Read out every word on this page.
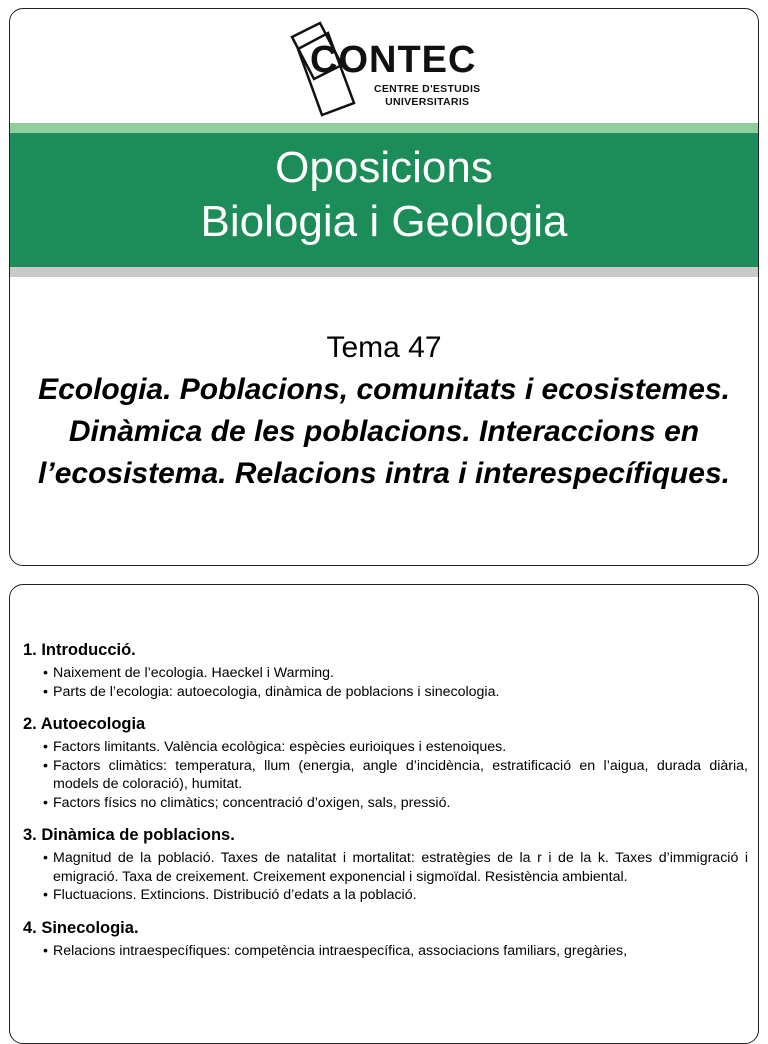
CONTEC
CENTRE D'ESTUDIS
UNIVERSITARIS
Oposicions
Biologia i Geologia
Tema 47
Ecologia. Poblacions, comunitats i ecosistemes. Dinàmica de les poblacions. Interaccions en l’ecosistema. Relacions intra i interespecífiques.
1. Introducció.
• Naixement de l’ecologia. Haeckel i Warming.
• Parts de l’ecologia: autoecologia, dinàmica de poblacions i sinecologia.
2. Autoecologia
• Factors limitants. València ecològica: espècies eurioiques i estenoiques.
• Factors climàtics: temperatura, llum (energia, angle d’incidència, estratificació en l’aigua, durada diària, models de coloració), humitat.
• Factors físics no climàtics; concentració d’oxigen, sals, pressió.
3. Dinàmica de poblacions.
• Magnitud de la població. Taxes de natalitat i mortalitat: estratègies de la r i de la k. Taxes d’immigració i emigració. Taxa de creixement. Creixement exponencial i sigmoïdal. Resistència ambiental.
• Fluctuacions. Extincions. Distribució d’edats a la població.
4. Sinecologia.
• Relacions intraespecífiques: competència intraespecífica, associacions familiars, gregàries,
